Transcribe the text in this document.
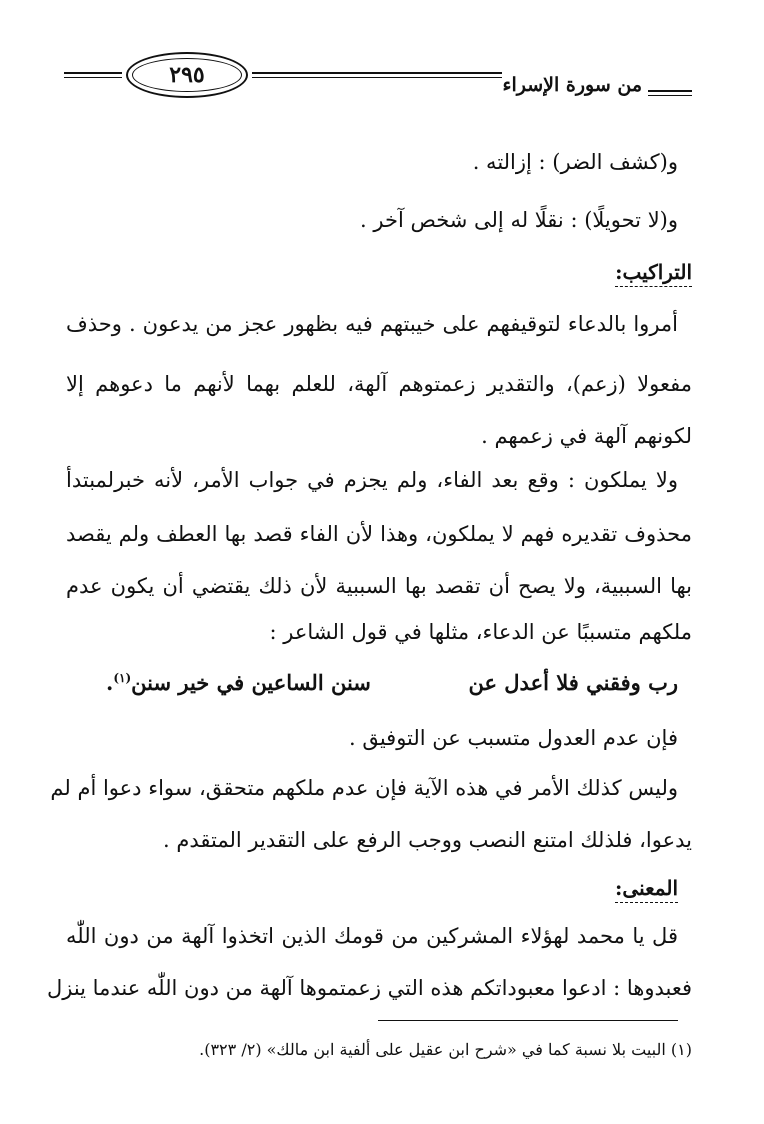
٢٩٥	من سورة الإسراء
و(كشف الضر) : إزالته .
و(لا تحويلًا) : نقلًا له إلى شخص آخر .
التراكيب:
أمروا بالدعاء لتوقيفهم على خيبتهم فيه بظهور عجز من يدعون . وحذف
مفعولا (زعم)، والتقدير زعمتوهم آلهة، للعلم بهما لأنهم ما دعوهم إلا
لكونهم آلهة في زعمهم .
ولا يملكون : وقع بعد الفاء، ولم يجزم في جواب الأمر، لأنه خبرلمبتدأ
محذوف تقديره فهم لا يملكون، وهذا لأن الفاء قصد بها العطف ولم يقصد
بها السببية، ولا يصح أن تقصد بها السببية لأن ذلك يقتضي أن يكون عدم
ملكهم متسببًا عن الدعاء، مثلها في قول الشاعر :
رب وفقني فلا أعدل عن
سنن الساعين في خير سنن$^{(١)}$.
فإن عدم العدول متسبب عن التوفيق .
وليس كذلك الأمر في هذه الآية فإن عدم ملكهم متحقق، سواء دعوا أم لم
يدعوا، فلذلك امتنع النصب ووجب الرفع على التقدير المتقدم .
المعنى:
قل يا محمد لهؤلاء المشركين من قومك الذين اتخذوا آلهة من دون اللّٰه
فعبدوها : ادعوا معبوداتكم هذه التي زعمتموها آلهة من دون اللّٰه عندما ينزل
(١) البيت بلا نسبة كما في «شرح ابن عقيل على ألفية ابن مالك» (٢/ ٣٢٣).
